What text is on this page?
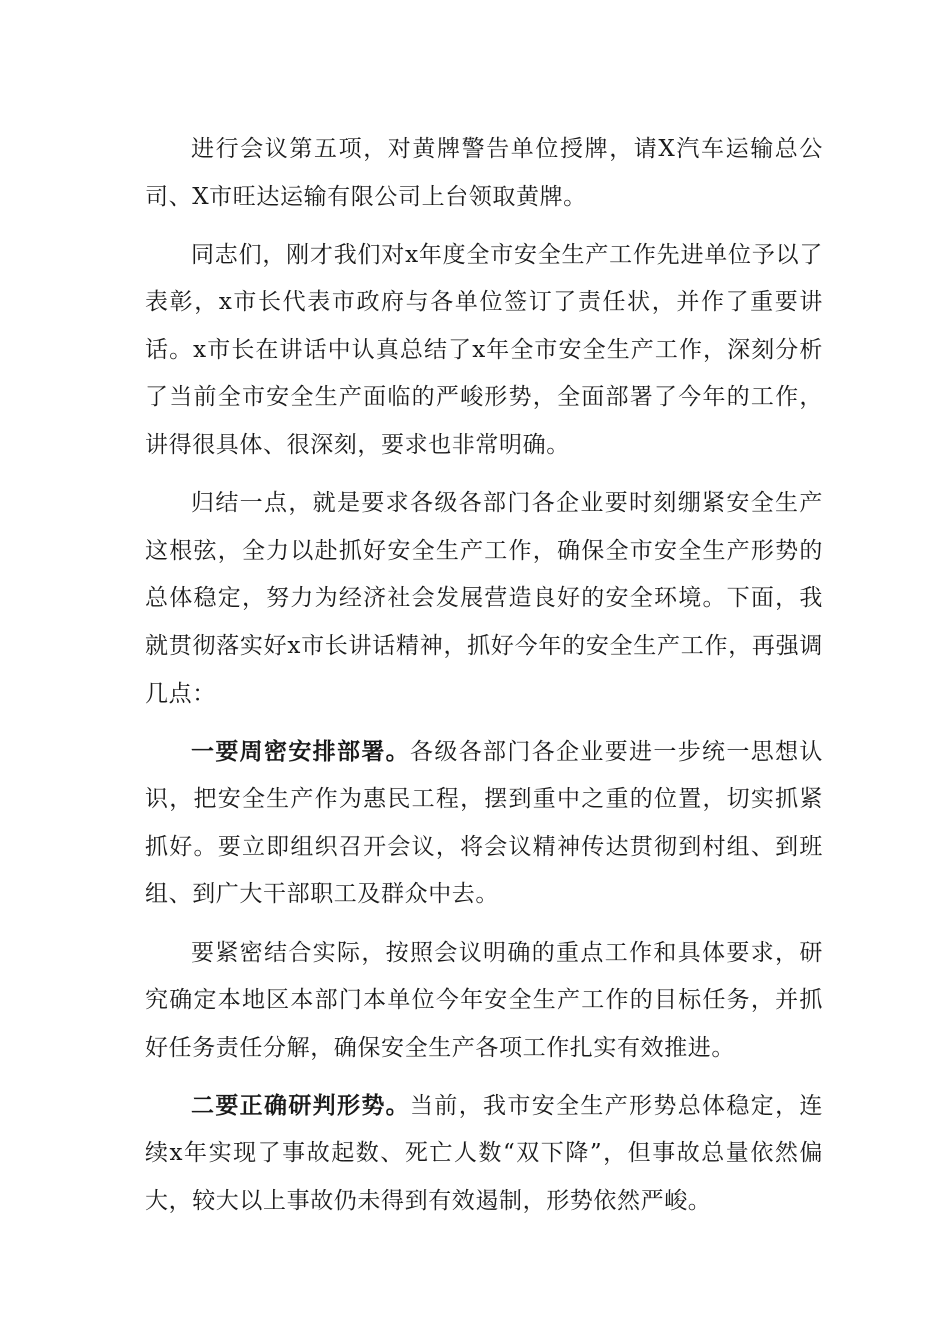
进行会议第五项，对黄牌警告单位授牌，请X汽车运输总公司、X市旺达运输有限公司上台领取黄牌。

同志们，刚才我们对x年度全市安全生产工作先进单位予以了表彰，x市长代表市政府与各单位签订了责任状，并作了重要讲话。x市长在讲话中认真总结了x年全市安全生产工作，深刻分析了当前全市安全生产面临的严峻形势，全面部署了今年的工作，讲得很具体、很深刻，要求也非常明确。

归结一点，就是要求各级各部门各企业要时刻绷紧安全生产这根弦，全力以赴抓好安全生产工作，确保全市安全生产形势的总体稳定，努力为经济社会发展营造良好的安全环境。下面，我就贯彻落实好x市长讲话精神，抓好今年的安全生产工作，再强调几点：

一要周密安排部署。各级各部门各企业要进一步统一思想认识，把安全生产作为惠民工程，摆到重中之重的位置，切实抓紧抓好。要立即组织召开会议，将会议精神传达贯彻到村组、到班组、到广大干部职工及群众中去。

要紧密结合实际，按照会议明确的重点工作和具体要求，研究确定本地区本部门本单位今年安全生产工作的目标任务，并抓好任务责任分解，确保安全生产各项工作扎实有效推进。

二要正确研判形势。当前，我市安全生产形势总体稳定，连续x年实现了事故起数、死亡人数“双下降”，但事故总量依然偏大，较大以上事故仍未得到有效遏制，形势依然严峻。
